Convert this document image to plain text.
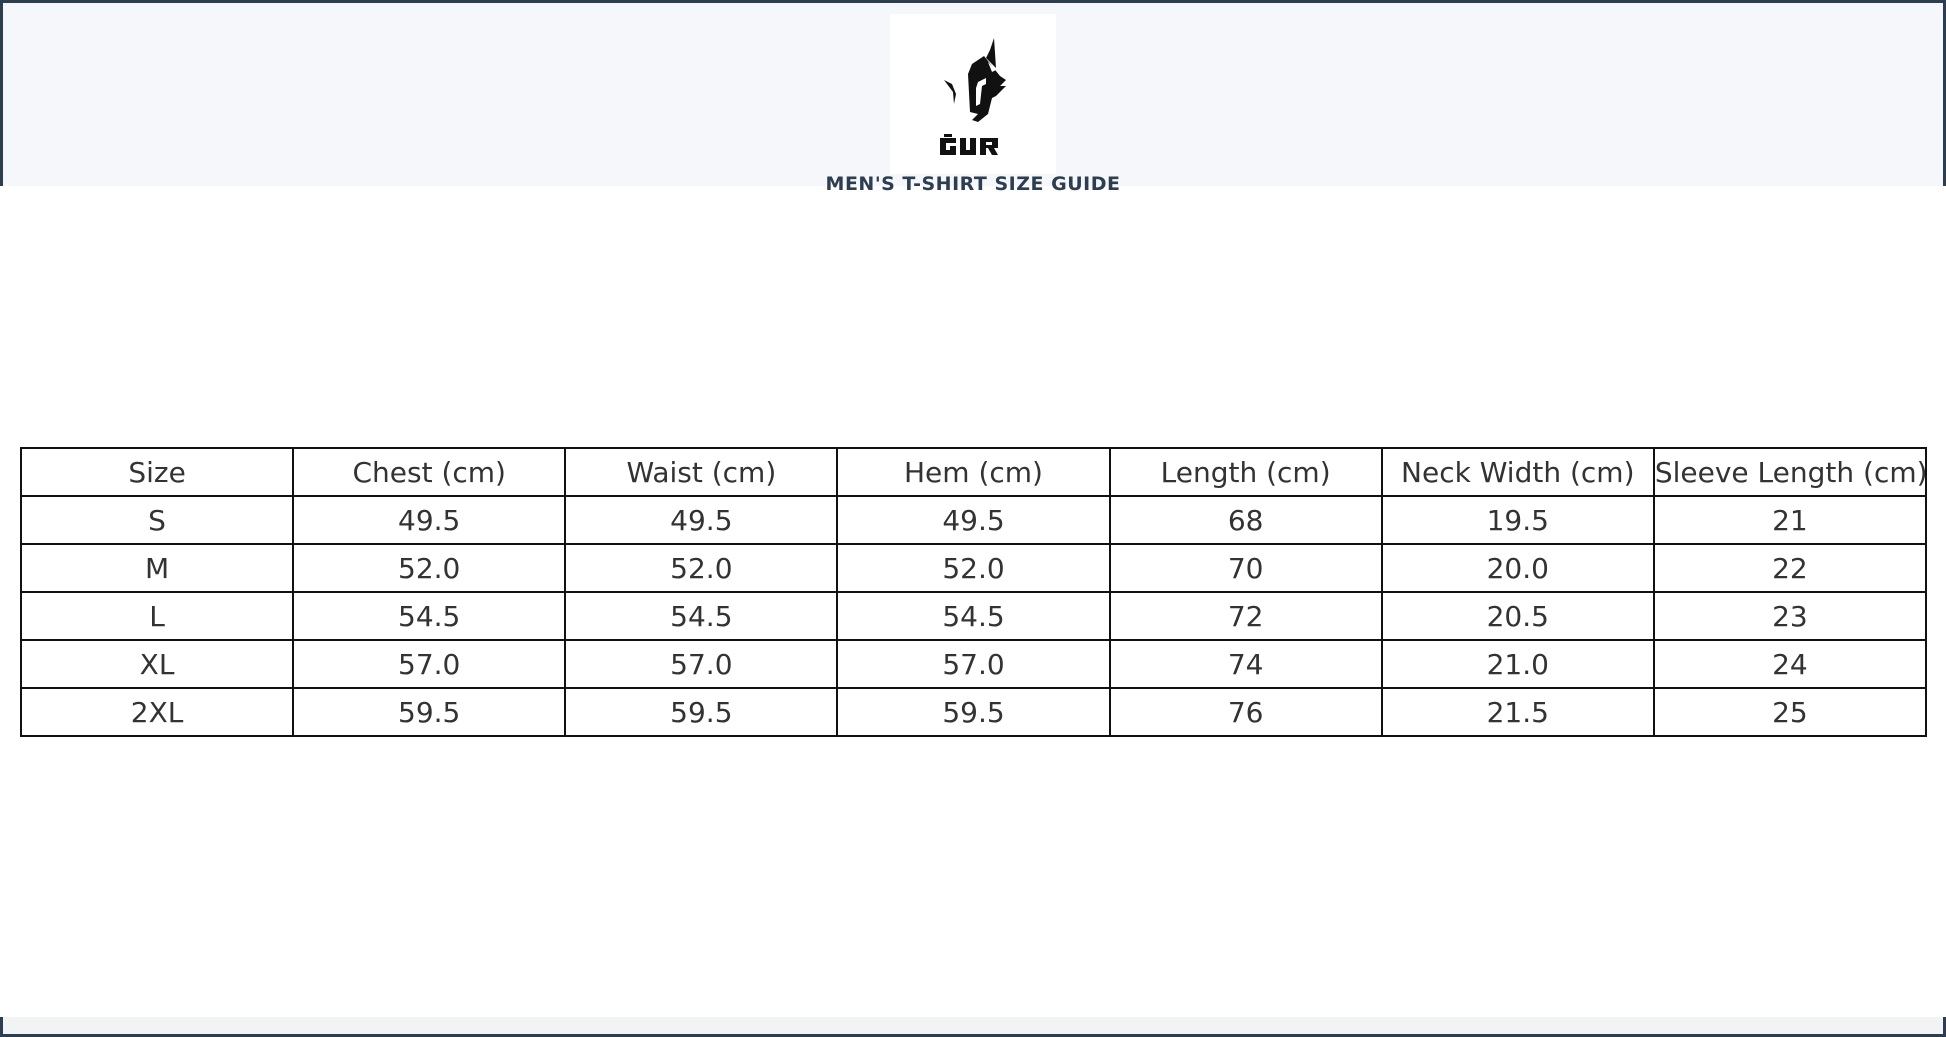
MEN'S T-SHIRT SIZE GUIDE
Size	Chest (cm)	Waist (cm)	Hem (cm)	Length (cm)	Neck Width (cm)	Sleeve Length (cm)
S	49.5	49.5	49.5	68	19.5	21
M	52.0	52.0	52.0	70	20.0	22
L	54.5	54.5	54.5	72	20.5	23
XL	57.0	57.0	57.0	74	21.0	24
2XL	59.5	59.5	59.5	76	21.5	25
